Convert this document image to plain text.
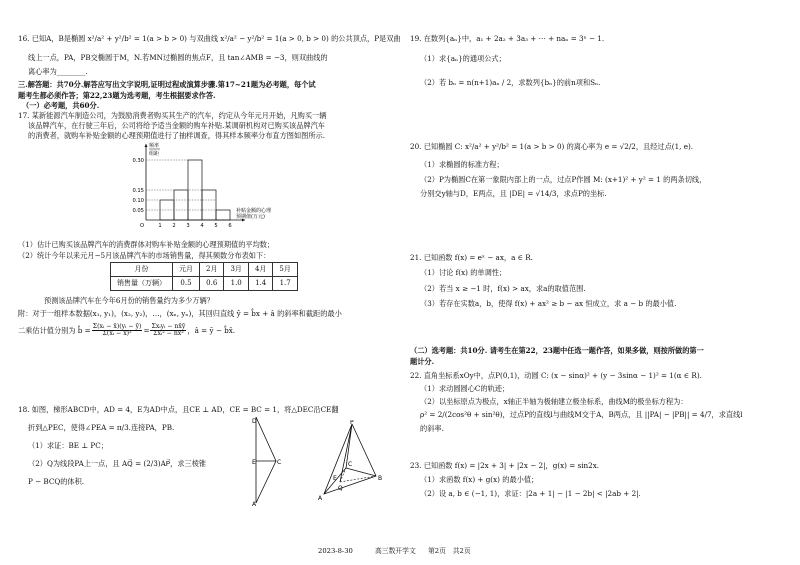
16. 已知A，B是椭圆 x²/a² + y²/b² = 1(a > b > 0) 与双曲线 x²/a² − y²/b² = 1(a > 0, b > 0) 的公共顶点，P是双曲
线上一点，PA，PB交椭圆于M，N.若MN过椭圆的焦点F，且 tan∠AMB = −3，则双曲线的
离心率为________.
三.解答题：共70分.解答应写出文字说明,证明过程或演算步骤.第17~21题为必考题，每个试
题考生都必须作答；第22,23题为选考题，考生根据要求作答.
（一）必考题，共60分.
17. 某新能源汽车制造公司，为鼓励消费者购买其生产的汽车，约定从今年元月开始，凡购买一辆
该品牌汽车，在行驶三年后，公司将给予适当金额的购车补贴.某调研机构对已购买该品牌汽车
的消费者，就购车补贴金额的心理预期值进行了抽样调查，得其样本频率分布直方图如图所示.
0.30
0.15
0.10
0.05
1 2 3 4 5 6
O
频率
组距
补贴金额的心理
预期值(万元)
（1）估计已购买该品牌汽车的消费群体对购车补贴金额的心理预期值的平均数；
（2）统计今年以来元月−5月该品牌汽车的市场销售量，得其频数分布表如下：
月份	元月	2月	3月	4月	5月
销售量（万辆）	0.5	0.6	1.0	1.4	1.7
预测该品牌汽车在今年6月份的销售量约为多少万辆？
附：对于一组样本数据(x₁, y₁)，(x₂, y₂)，…，(xₙ, yₙ)，其回归直线 ŷ = b̂x + â 的斜率和截距的最小
二乘估计值分别为 b̂ = $\frac{\text{Σ(xᵢ − x̄)(yᵢ − ȳ)}}{\text{Σ(xᵢ − x̄)²}} = \frac{\text{Σxᵢyᵢ − nx̄ȳ}}{\text{Σxᵢ² − nx̄²}}$ ，â = ȳ − b̂x̄.
18. 如图，梯形ABCD中，AD = 4，E为AD中点，且CE ⊥ AD，CE = BC = 1，将△DEC沿CE翻
折到△PEC，使得∠PEA = π/3.连接PA，PB.
（1）求证：BE ⊥ PC；
（2）Q为线段PA上一点，且 AQ⃗ = (2/3)AP⃗，求三棱锥
P − BCQ的体积.
D
E	C
A
P
A
B
C
E
Q
19. 在数列{aₙ}中，a₁ + 2a₂ + 3a₃ + ⋯ + naₙ = 3ⁿ − 1.
（1）求{aₙ}的通项公式；
（2）若 bₙ = n(n+1)aₙ / 2，求数列{bₙ}的前n项和Sₙ.
20. 已知椭圆 C: x²/a² + y²/b² = 1(a > b > 0) 的离心率为 e = √2/2，且经过点(1, e).
（1）求椭圆的标准方程；
（2）P为椭圆C在第一象限内部上的一点，过点P作圆 M: (x+1)² + y² = 1 的两条切线，
分别交y轴与D，E两点，且 |DE| = √14/3，求点P的坐标.
21. 已知函数 f(x) = eˣ − ax，a ∈ R.
（1）讨论 f(x) 的单调性；
（2）若当 x ≥ −1 时，f(x) > ax，求a的取值范围.
（3）若存在实数a，b，使得 f(x) + ax² ≥ b − ax 恒成立，求 a − b 的最小值.
（二）选考题：共10分. 请考生在第22，23题中任选一题作答，如果多做，则按所做的第一
题计分.
22. 直角坐标系xOy中，点P(0,1)，动圆 C: (x − sinα)² + (y − 3sinα − 1)² = 1(α ∈ R).
（1）求动圆圆心C的轨迹；
（2）以坐标原点为极点，x轴正半轴为极轴建立极坐标系，曲线M的极坐标方程为：
ρ² = 2/(2cos²θ + sin²θ)，过点P的直线l与曲线M交于A，B两点，且 ||PA| − |PB|| = 4/7，求直线l
的斜率.
23. 已知函数 f(x) = |2x + 3| + |2x − 2|，g(x) = sin2x.
（1）求函数 f(x) + g(x) 的最小值；
（2）设 a, b ∈ (−1, 1)，求证：|2a + 1| − |1 − 2b| < |2ab + 2|.
2023-8-30	高三数开学文 第2页　共2页
